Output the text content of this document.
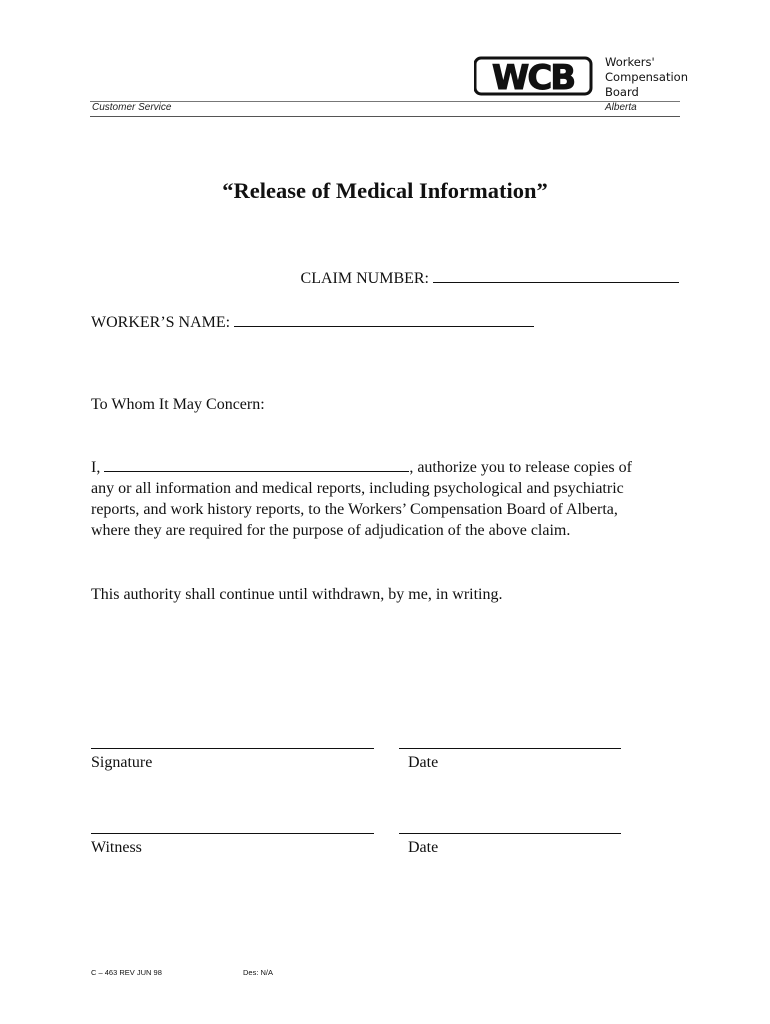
WCB	Workers'
Compensation
Board
Customer Service	Alberta
“Release of Medical Information”
CLAIM NUMBER:
WORKER’S NAME:
To Whom It May Concern:
I,	, authorize you to release copies of
any or all information and medical reports, including psychological and psychiatric
reports, and work history reports, to the Workers’ Compensation Board of Alberta,
where they are required for the purpose of adjudication of the above claim.
This authority shall continue until withdrawn, by me, in writing.
Signature	Date
Witness	Date
C – 463 REV JUN 98	Des: N/A
